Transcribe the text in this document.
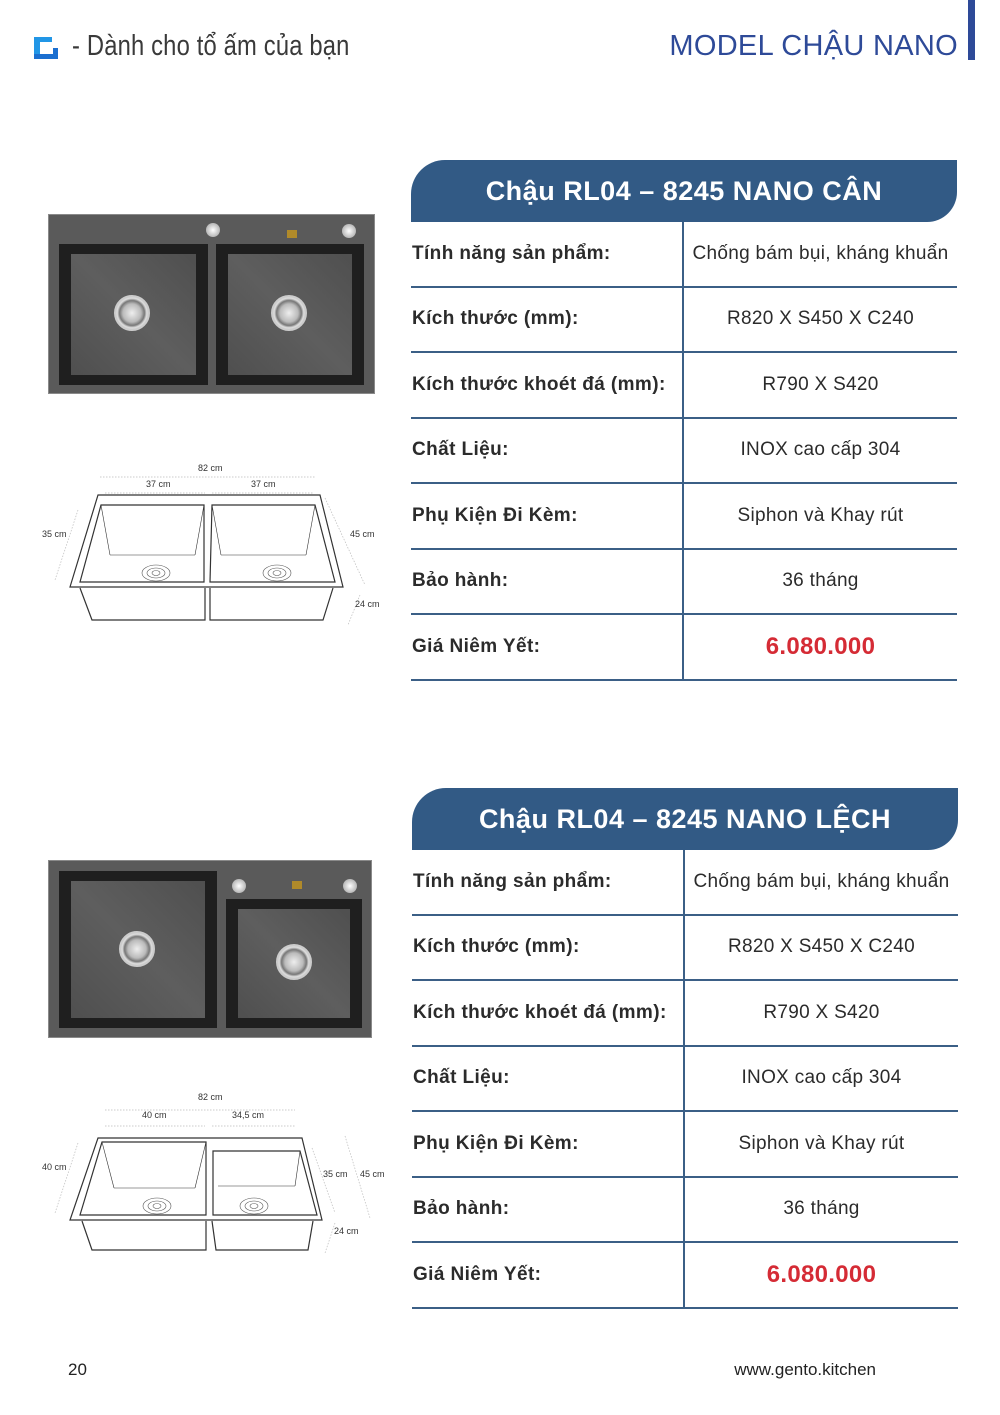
- Dành cho tổ ấm của bạn	MODEL CHẬU NANO
82 cm
37 cm	37 cm
35 cm	45 cm
24 cm
Chậu RL04 – 8245 NANO CÂN
Tính năng sản phẩm:	Chống bám bụi, kháng khuẩn
Kích thước (mm):	R820 X S450 X C240
Kích thước khoét đá (mm):	R790 X S420
Chất Liệu:	INOX cao cấp 304
Phụ Kiện Đi Kèm:	Siphon và Khay rút
Bảo hành:	36 tháng
Giá Niêm Yết:	6.080.000
82 cm
40 cm	34,5 cm
40 cm
35 cm 45 cm
24 cm
Chậu RL04 – 8245 NANO LỆCH
Tính năng sản phẩm:	Chống bám bụi, kháng khuẩn
Kích thước (mm):	R820 X S450 X C240
Kích thước khoét đá (mm):	R790 X S420
Chất Liệu:	INOX cao cấp 304
Phụ Kiện Đi Kèm:	Siphon và Khay rút
Bảo hành:	36 tháng
Giá Niêm Yết:	6.080.000
20	www.gento.kitchen
